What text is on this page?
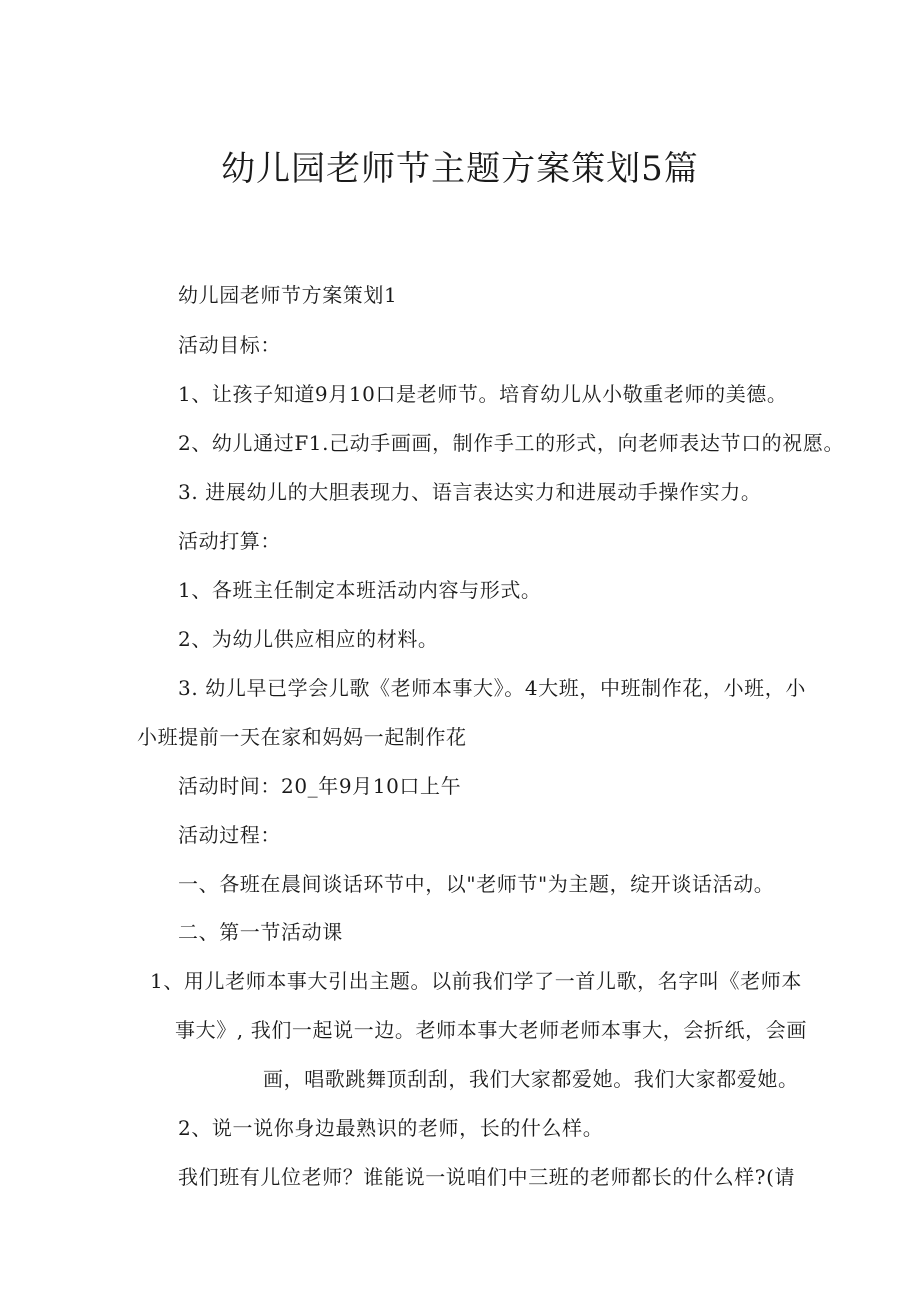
幼儿园老师节主题方案策划5篇
幼儿园老师节方案策划1
活动目标：
1、让孩子知道9月10口是老师节。培育幼儿从小敬重老师的美德。
2、幼儿通过F1.己动手画画，制作手工的形式，向老师表达节口的祝愿。
3. 进展幼儿的大胆表现力、语言表达实力和进展动手操作实力。
活动打算：
1、各班主任制定本班活动内容与形式。
2、为幼儿供应相应的材料。
3. 幼儿早已学会儿歌《老师本事大》。4大班，中班制作花，小班，小
小班提前一天在家和妈妈一起制作花
活动时间：20_年9月10口上午
活动过程：
一、各班在晨间谈话环节中，以"老师节"为主题，绽开谈话活动。
二、第一节活动课
1、用儿老师本事大引出主题。以前我们学了一首儿歌，名字叫《老师本
事大》, 我们一起说一边。老师本事大老师老师本事大，会折纸，会画
画，唱歌跳舞顶刮刮，我们大家都爱她。我们大家都爱她。
2、说一说你身边最熟识的老师，长的什么样。
我们班有儿位老师？谁能说一说咱们中三班的老师都长的什么样?(请
